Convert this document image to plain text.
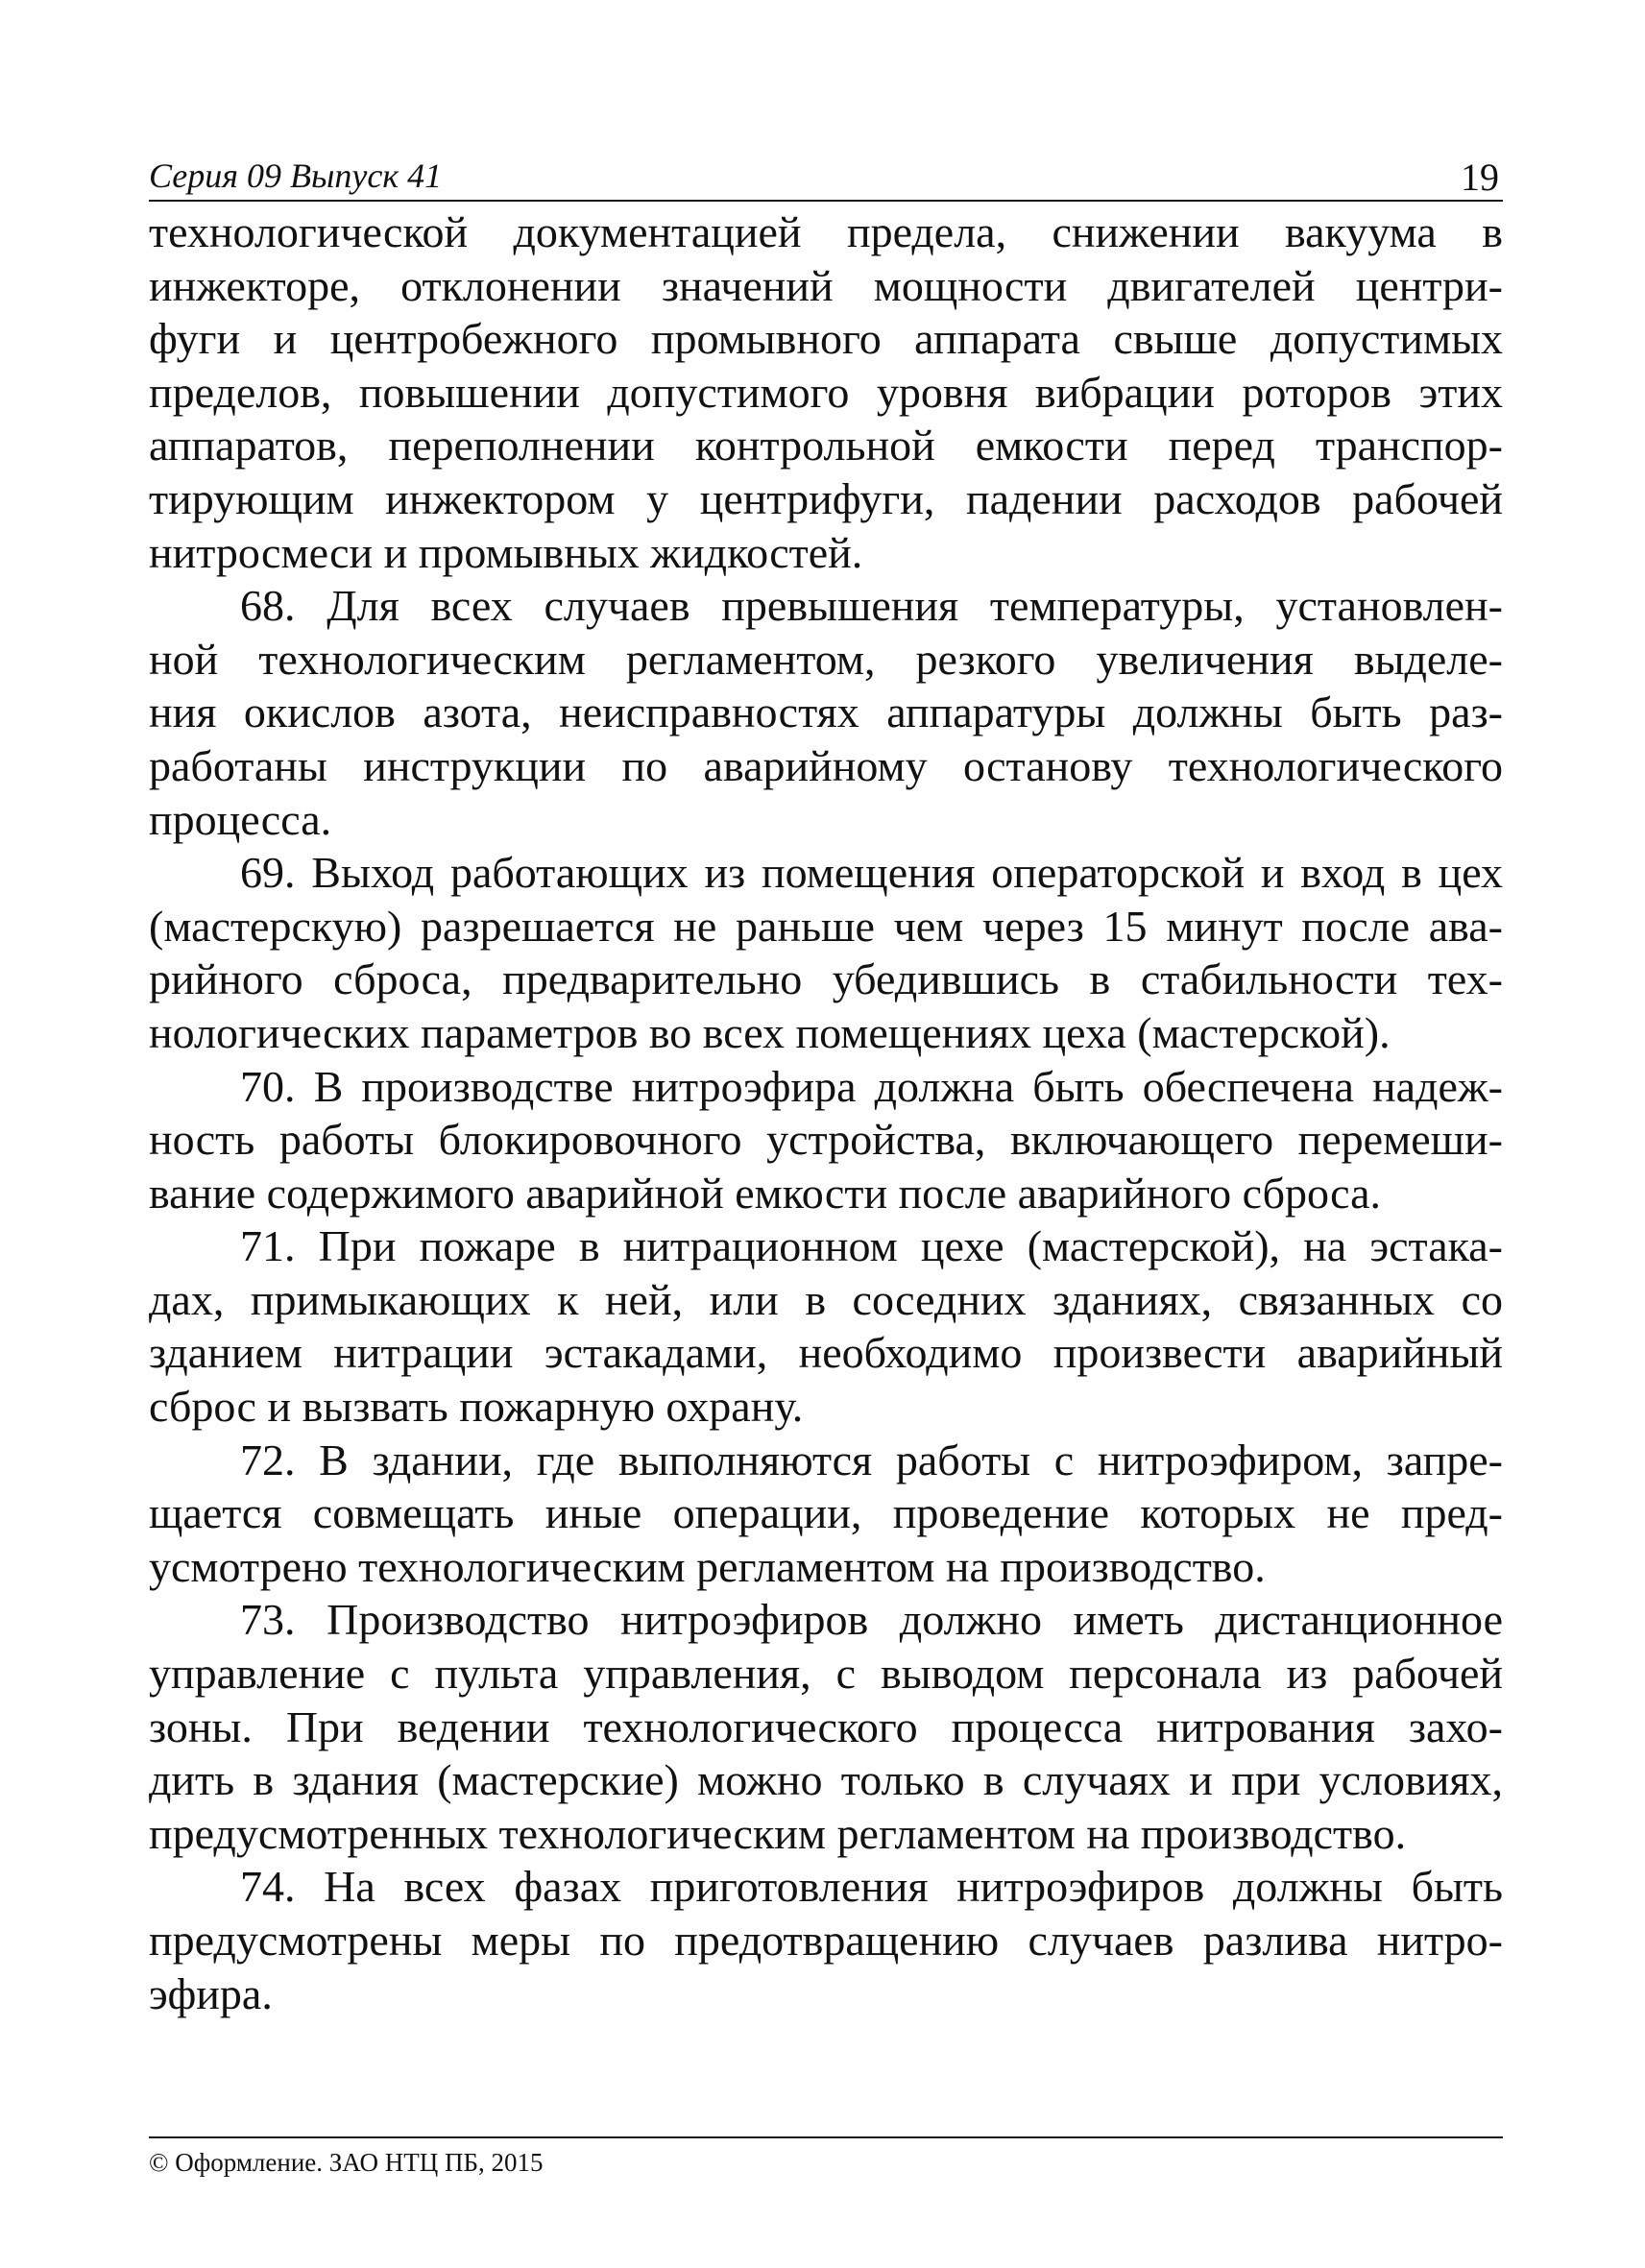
Серия 09 Выпуск 41	19
технологической документацией предела, снижении вакуума в
инжекторе, отклонении значений мощности двигателей центри-
фуги и центробежного промывного аппарата свыше допустимых
пределов, повышении допустимого уровня вибрации роторов этих
аппаратов, переполнении контрольной емкости перед транспор-
тирующим инжектором у центрифуги, падении расходов рабочей
нитросмеси и промывных жидкостей.
68. Для всех случаев превышения температуры, установлен-
ной технологическим регламентом, резкого увеличения выделе-
ния окислов азота, неисправностях аппаратуры должны быть раз-
работаны инструкции по аварийному останову технологического
процесса.
69. Выход работающих из помещения операторской и вход в цех
(мастерскую) разрешается не раньше чем через 15 минут после ава-
рийного сброса, предварительно убедившись в стабильности тех-
нологических параметров во всех помещениях цеха (мастерской).
70. В производстве нитроэфира должна быть обеспечена надеж-
ность работы блокировочного устройства, включающего перемеши-
вание содержимого аварийной емкости после аварийного сброса.
71. При пожаре в нитрационном цехе (мастерской), на эстака-
дах, примыкающих к ней, или в соседних зданиях, связанных со
зданием нитрации эстакадами, необходимо произвести аварийный
сброс и вызвать пожарную охрану.
72. В здании, где выполняются работы с нитроэфиром, запре-
щается совмещать иные операции, проведение которых не пред-
усмотрено технологическим регламентом на производство.
73. Производство нитроэфиров должно иметь дистанционное
управление с пульта управления, с выводом персонала из рабочей
зоны. При ведении технологического процесса нитрования захо-
дить в здания (мастерские) можно только в случаях и при условиях,
предусмотренных технологическим регламентом на производство.
74. На всех фазах приготовления нитроэфиров должны быть
предусмотрены меры по предотвращению случаев разлива нитро-
эфира.
© Оформление. ЗАО НТЦ ПБ, 2015
